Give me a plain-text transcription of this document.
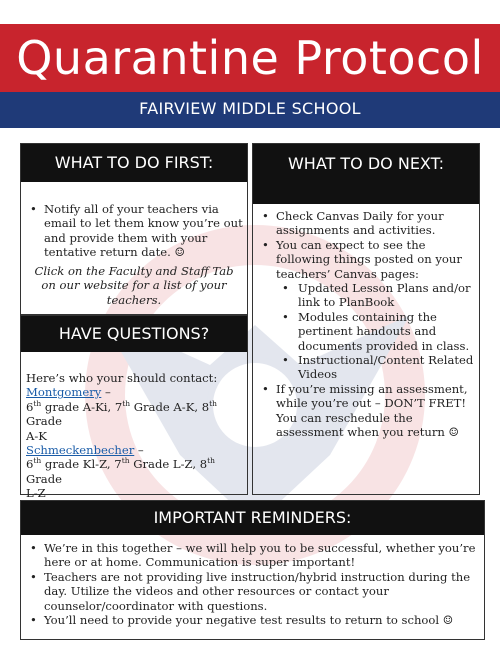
Quarantine Protocol
FAIRVIEW MIDDLE SCHOOL
WHAT TO DO FIRST:
• Notify all of your teachers via email to let them know you’re out and provide them with your tentative return date. ☺
Click on the Faculty and Staff Tab on our website for a list of your teachers.
HAVE QUESTIONS?
Here’s who your should contact:
Montgomery –
6th grade A-Ki, 7th Grade A-K, 8th Grade
A-K
Schmeckenbecher –
6th grade Kl-Z, 7th Grade L-Z, 8th Grade
L-Z
WHAT TO DO NEXT:
• Check Canvas Daily for your assignments and activities.
• You can expect to see the following things posted on your teachers’ Canvas pages:
• Updated Lesson Plans and/or link to PlanBook
• Modules containing the pertinent handouts and documents provided in class.
• Instructional/Content Related Videos
• If you’re missing an assessment, while you’re out – DON’T FRET! You can reschedule the assessment when you return ☺
IMPORTANT REMINDERS:
• We’re in this together – we will help you to be successful, whether you’re here or at home. Communication is super important!
• Teachers are not providing live instruction/hybrid instruction during the day. Utilize the videos and other resources or contact your counselor/coordinator with questions.
• You’ll need to provide your negative test results to return to school ☺
